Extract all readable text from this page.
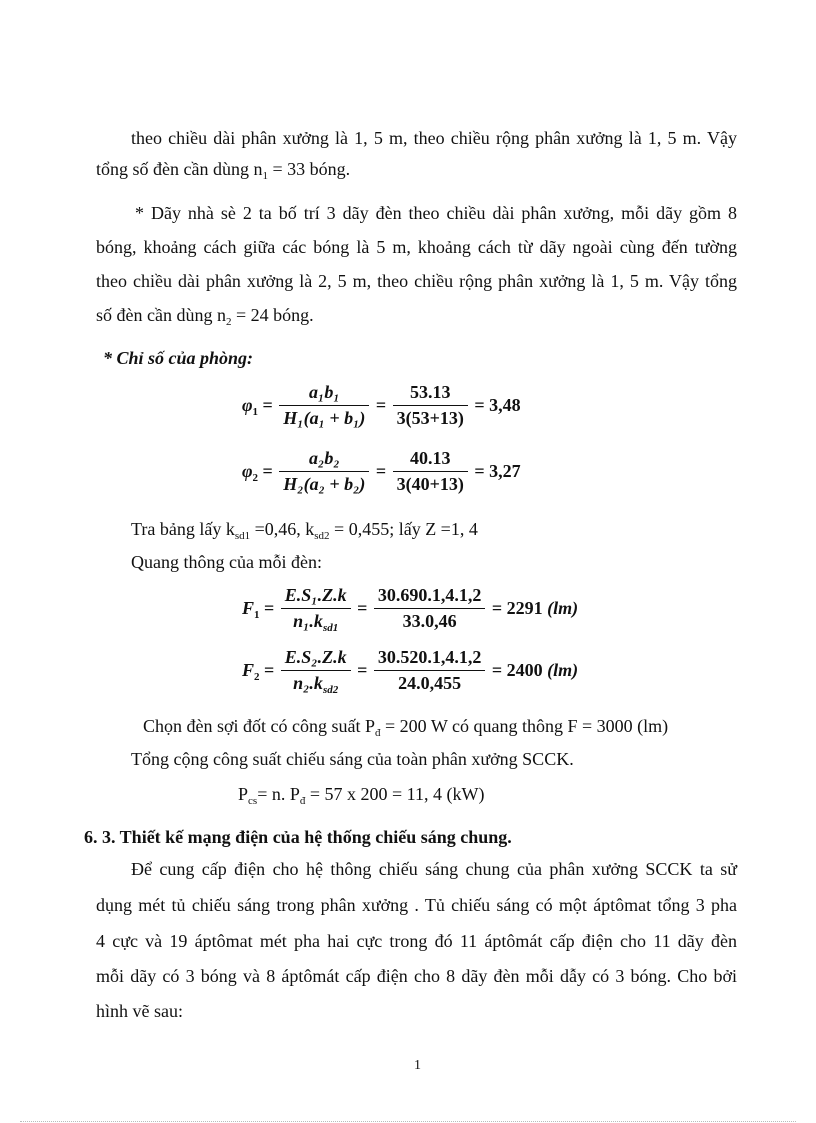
theo chiều dài phân xưởng là 1, 5 m, theo chiều rộng phân xưởng là 1, 5 m. Vậy
tổng số đèn cần dùng $n_1 = 33$ bóng.
* Dãy nhà sè 2 ta bố trí 3 dãy đèn theo chiều dài phân xưởng, mỗi dãy gồm 8
bóng, khoảng cách giữa các bóng là 5 m, khoảng cách từ dãy ngoài cùng đến tường
theo chiều dài phân xưởng là 2, 5 m, theo chiều rộng phân xưởng là 1, 5 m. Vậy tổng
số đèn cần dùng $n_2 = 24$ bóng.
* Chỉ số của phòng:
$\varphi_1 = \frac{\text{a₁b₁}}{\text{H₁(a₁ + b₁)}} = \frac{53.13}{3(53+13)} = 3,48$
$\varphi_2 = \frac{\text{a₂b₂}}{\text{H₂(a₂ + b₂)}} = \frac{40.13}{3(40+13)} = 3,27$
Tra bảng lấy $k_{sd1} =0,46$, $k_{sd2} = 0,455$; lấy Z =1, 4
Quang thông của mỗi đèn:
$F_1 = \frac{\text{E.S₁.Z.k}}{n_1.k_{sd1}} = \frac{30.690.1,4.1,2}{33.0,46} = 2291$ (lm)
$F_2 = \frac{\text{E.S₂.Z.k}}{n_2.k_{sd2}} = \frac{30.520.1,4.1,2}{24.0,455} = 2400$ (lm)
Chọn đèn sợi đốt có công suất $P_đ = 200$ W có quang thông F = 3000 (lm)
Tổng cộng công suất chiếu sáng của toàn phân xưởng SCCK.
$P_{cs}= n$. $P_đ = 57$ x 200 = 11, 4 (kW)
6. 3. Thiết kế mạng điện của hệ thống chiếu sáng chung.
Để cung cấp điện cho hệ thông chiếu sáng chung của phân xưởng SCCK ta sử
dụng mét tủ chiếu sáng trong phân xưởng . Tủ chiếu sáng có một áptômat tổng 3 pha
4 cực và 19 áptômat mét pha hai cực trong đó 11 áptômát cấp điện cho 11 dãy đèn
mỗi dãy có 3 bóng và 8 áptômát cấp điện cho 8 dãy đèn mỗi dẫy có 3 bóng. Cho bởi
hình vẽ sau:
1
